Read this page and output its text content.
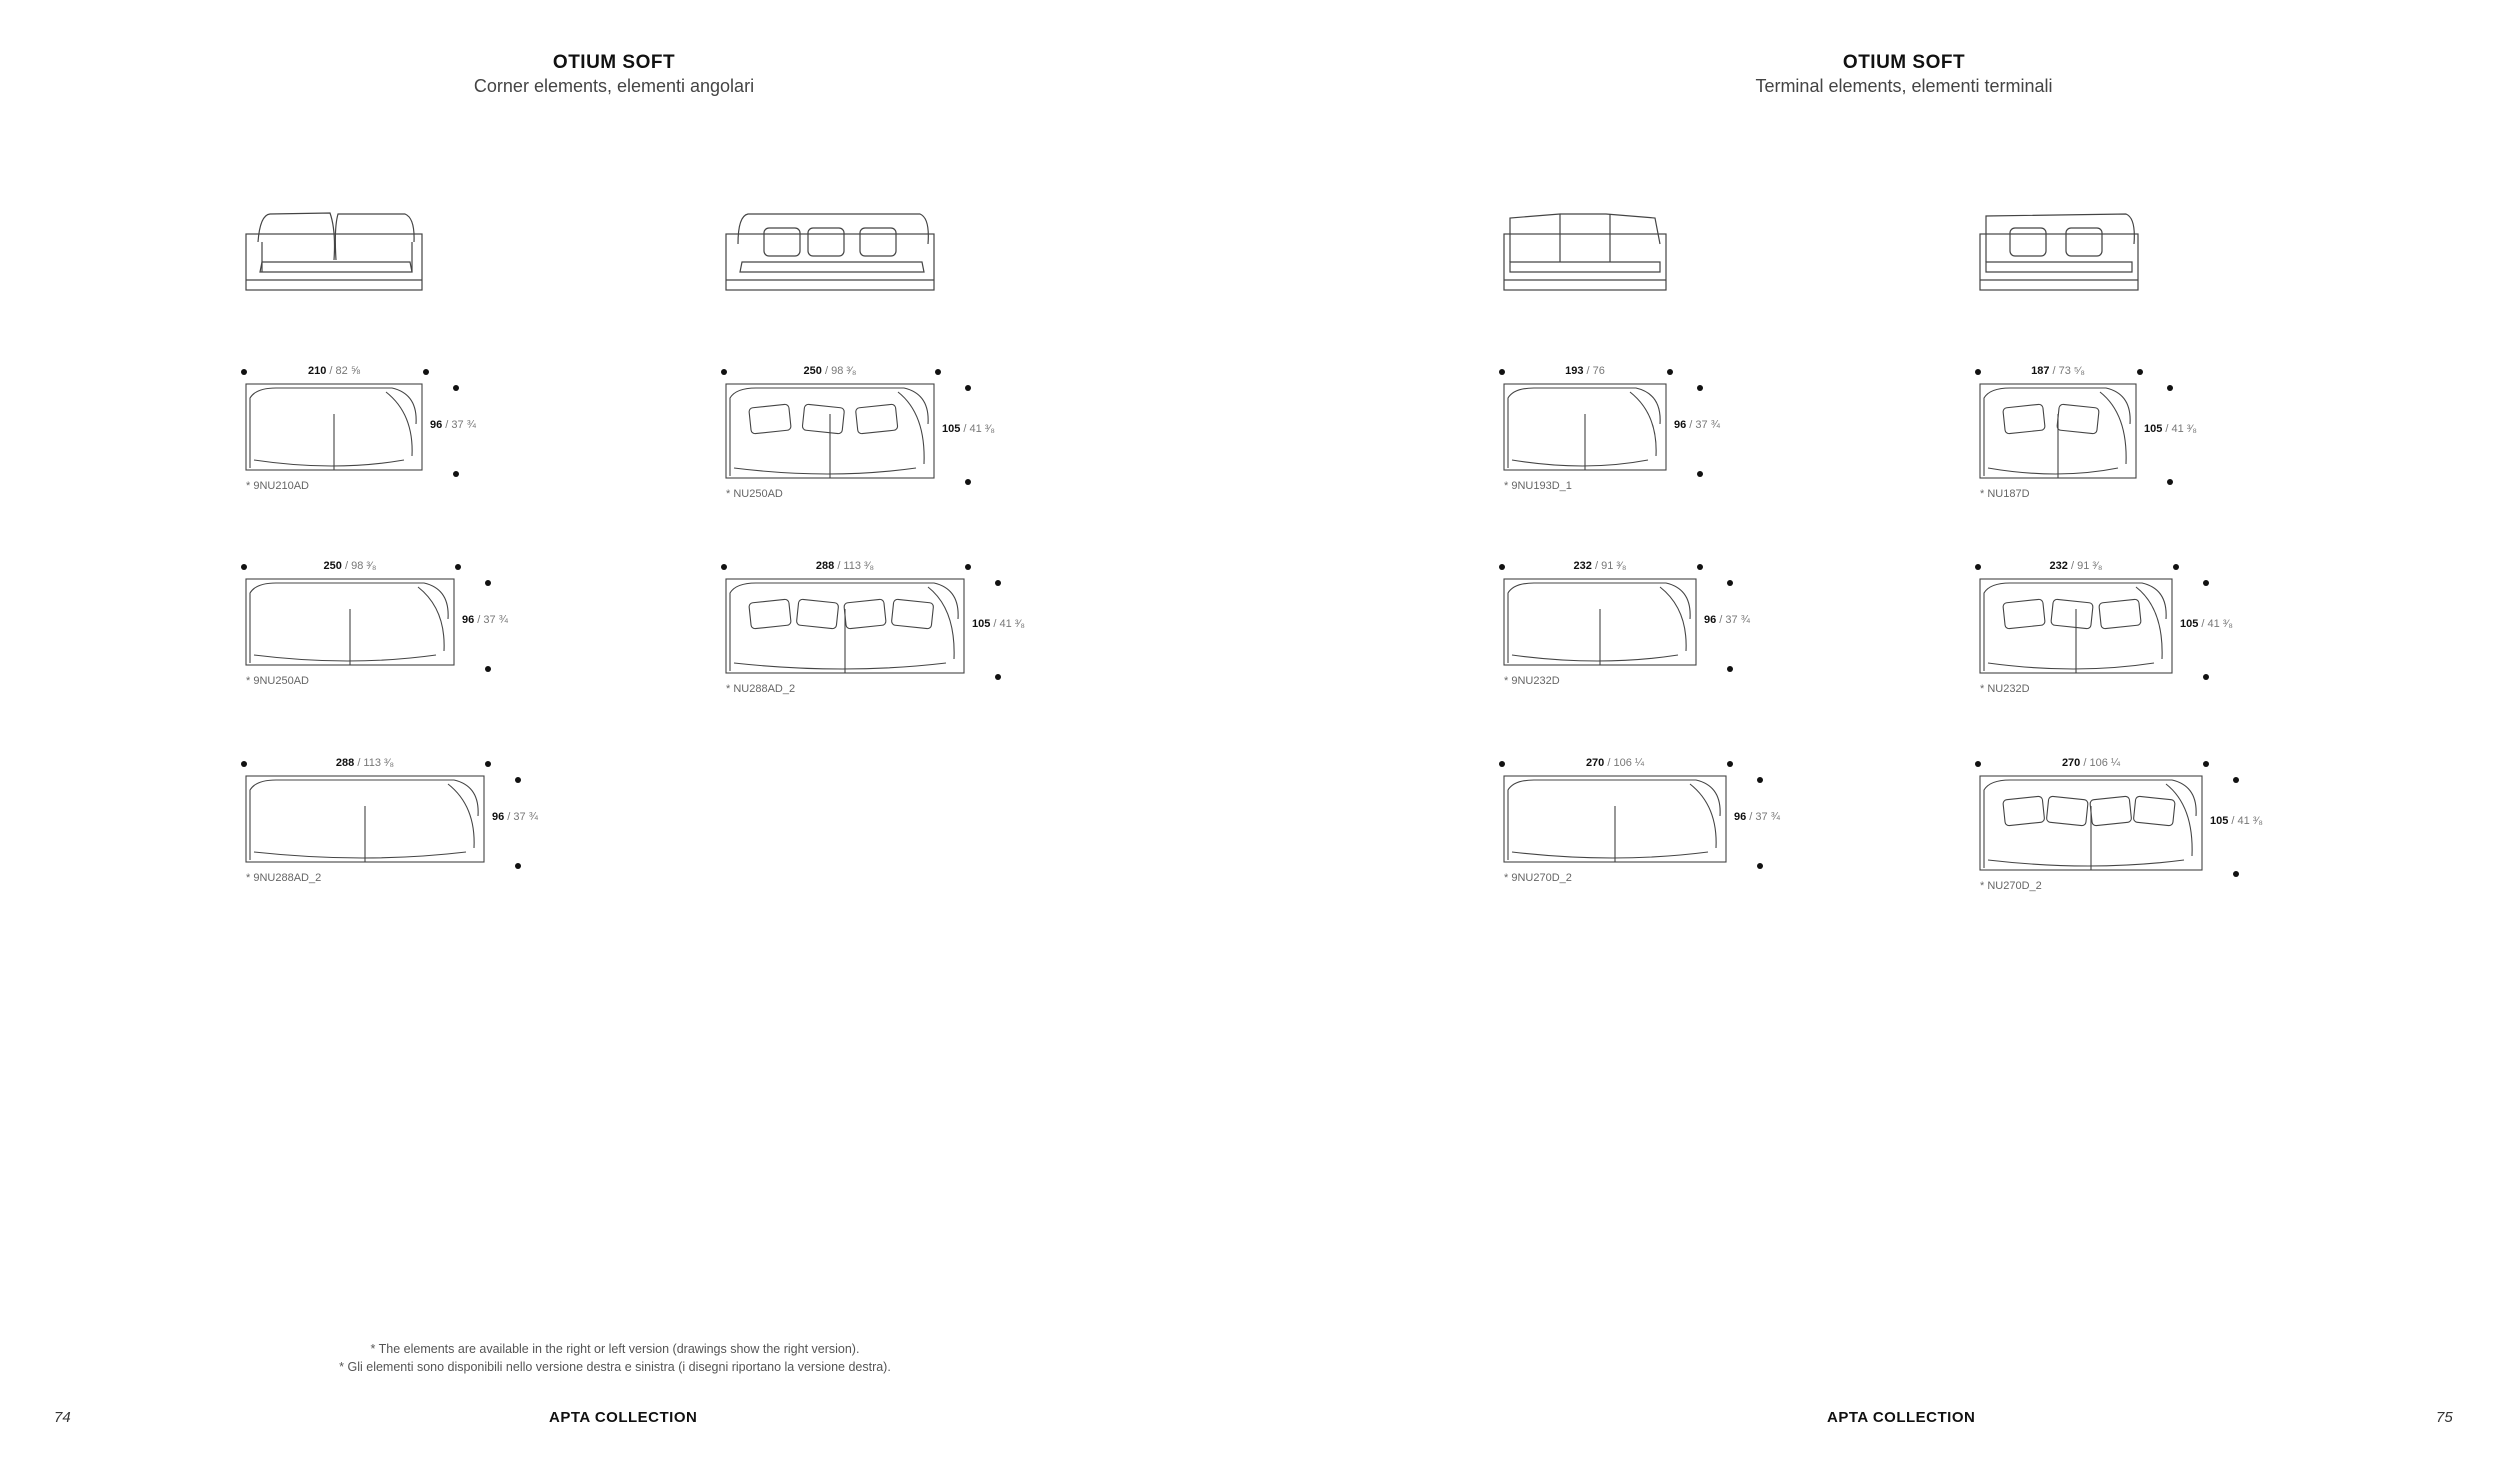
OTIUM SOFT
Corner elements, elementi angolari
OTIUM SOFT
Terminal elements, elementi terminali
210 / 82 ⅝
96 / 37 ¾
* 9NU210AD
250 / 98 ³⁄₈
105 / 41 ³⁄₈
* NU250AD
250 / 98 ³⁄₈
96 / 37 ¾
* 9NU250AD
288 / 113 ³⁄₈
105 / 41 ³⁄₈
* NU288AD_2
288 / 113 ³⁄₈
96 / 37 ¾
* 9NU288AD_2
193 / 76
96 / 37 ¾
* 9NU193D_1
187 / 73 ⁵⁄₈
105 / 41 ³⁄₈
* NU187D
232 / 91 ³⁄₈
96 / 37 ¾
* 9NU232D
232 / 91 ³⁄₈
105 / 41 ³⁄₈
* NU232D
270 / 106 ¼
96 / 37 ¾
* 9NU270D_2
270 / 106 ¼
105 / 41 ³⁄₈
* NU270D_2
* The elements are available in the right or left version (drawings show the right version).
* Gli elementi sono disponibili nello versione destra e sinistra (i disegni riportano la versione destra).
74	APTA COLLECTION	APTA COLLECTION	75
